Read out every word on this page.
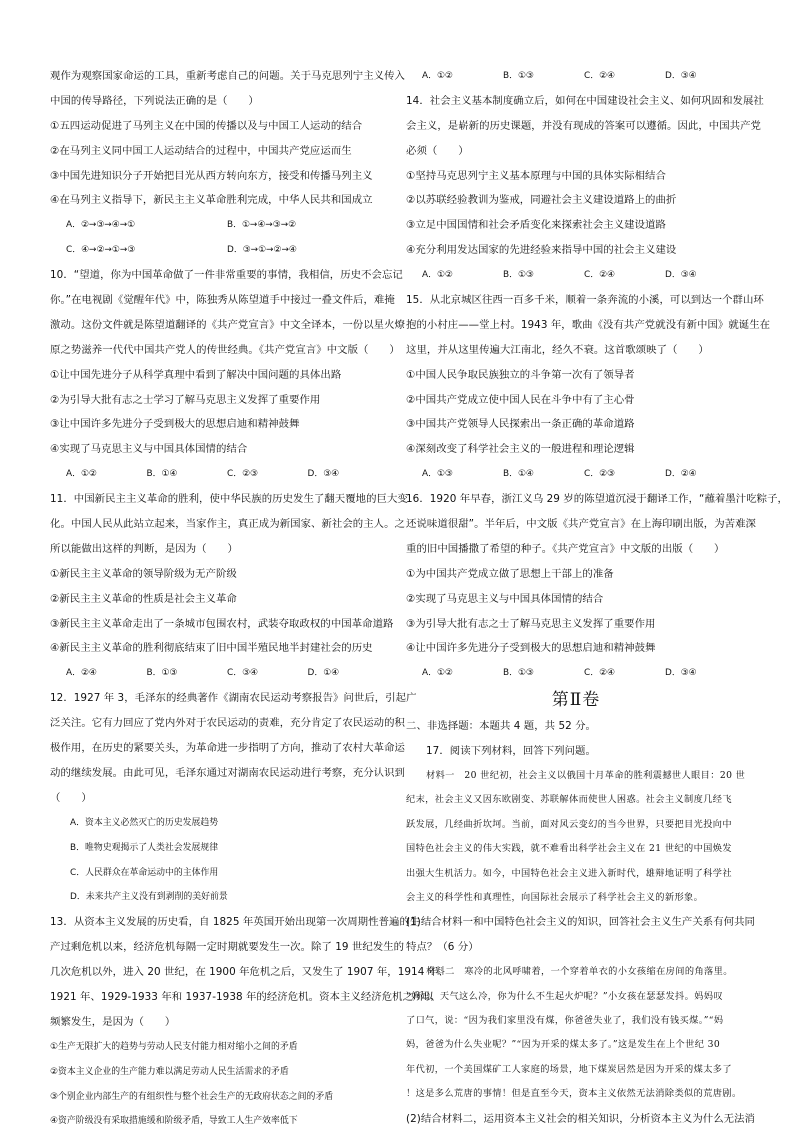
观作为观察国家命运的工具，重新考虑自己的问题。关于马克思列宁主义传入
中国的传导路径，下列说法正确的是（　　）
①五四运动促进了马列主义在中国的传播以及与中国工人运动的结合
②在马列主义同中国工人运动结合的过程中，中国共产党应运而生
③中国先进知识分子开始把目光从西方转向东方，接受和传播马列主义
④在马列主义指导下，新民主主义革命胜利完成，中华人民共和国成立
A．②→③→④→①	B．①→④→③→②
C．④→②→①→③	D．③→①→②→④
10．“望道，你为中国革命做了一件非常重要的事情，我相信，历史不会忘记
你。”在电视剧《觉醒年代》中，陈独秀从陈望道手中接过一叠文件后，难掩
激动。这份文件就是陈望道翻译的《共产党宣言》中文全译本，一份以星火燎
原之势滋养一代代中国共产党人的传世经典。《共产党宣言》中文版（　　）
①让中国先进分子从科学真理中看到了解决中国问题的具体出路
②为引导大批有志之士学习了解马克思主义发挥了重要作用
③让中国许多先进分子受到极大的思想启迪和精神鼓舞
④实现了马克思主义与中国具体国情的结合
A．①②	B．①④	C．②③	D．③④
11．中国新民主主义革命的胜利，使中华民族的历史发生了翻天覆地的巨大变
化。中国人民从此站立起来，当家作主，真正成为新国家、新社会的主人。之
所以能做出这样的判断，是因为（　　）
①新民主主义革命的领导阶级为无产阶级
②新民主主义革命的性质是社会主义革命
③新民主主义革命走出了一条城市包围农村，武装夺取政权的中国革命道路
④新民主主义革命的胜利彻底结束了旧中国半殖民地半封建社会的历史
A．②④	B．①③	C．③④	D．①④
12．1927 年 3，毛泽东的经典著作《湖南农民运动考察报告》问世后，引起广
泛关注。它有力回应了党内外对于农民运动的责难，充分肯定了农民运动的积
极作用，在历史的紧要关头，为革命进一步指明了方向，推动了农村大革命运
动的继续发展。由此可见，毛泽东通过对湖南农民运动进行考察，充分认识到
（　　）
A．资本主义必然灭亡的历史发展趋势
B．唯物史观揭示了人类社会发展规律
C．人民群众在革命运动中的主体作用
D．未来共产主义没有到剥削的美好前景
13．从资本主义发展的历史看，自 1825 年英国开始出现第一次周期性普遍的生
产过剩危机以来，经济危机每隔一定时期就要发生一次。除了 19 世纪发生的
几次危机以外，进入 20 世纪，在 1900 年危机之后，又发生了 1907 年，1914 年、
1921 年、1929-1933 年和 1937-1938 年的经济危机。资本主义经济危机之所以
频繁发生，是因为（　　）
①生产无限扩大的趋势与劳动人民支付能力相对缩小之间的矛盾
②资本主义企业的生产能力难以满足劳动人民生活需求的矛盾
③个别企业内部生产的有组织性与整个社会生产的无政府状态之间的矛盾
④资产阶级没有采取措施缓和阶级矛盾，导致工人生产效率低下
A．①②	B．①③	C．②④	D．③④
14．社会主义基本制度确立后，如何在中国建设社会主义、如何巩固和发展社
会主义，是崭新的历史课题，并没有现成的答案可以遵循。因此，中国共产党
必须（　　）
①坚持马克思列宁主义基本原理与中国的具体实际相结合
②以苏联经验教训为鉴戒，同避社会主义建设道路上的曲折
③立足中国国情和社会矛盾变化来探索社会主义建设道路
④充分利用发达国家的先进经验来指导中国的社会主义建设
A．①②	B．①③	C．②④	D．③④
15．从北京城区往西一百多千米，顺着一条奔流的小溪，可以到达一个群山环
抱的小村庄——堂上村。1943 年，歌曲《没有共产党就没有新中国》就诞生在
这里，并从这里传遍大江南北，经久不衰。这首歌颂映了（　　）
①中国人民争取民族独立的斗争第一次有了领导者
②中国共产党成立使中国人民在斗争中有了主心骨
③中国共产党领导人民探索出一条正确的革命道路
④深刻改变了科学社会主义的一般进程和理论逻辑
A．①③	B．①④	C．②③	D．②④
16．1920 年早春，浙江义乌 29 岁的陈望道沉浸于翻译工作，“蘸着墨汁吃粽子，
还说味道很甜”。半年后，中文版《共产党宣言》在上海印刷出版，为苦难深
重的旧中国播撒了希望的种子。《共产党宣言》中文版的出版（　　）
①为中国共产党成立做了思想上干部上的准备
②实现了马克思主义与中国具体国情的结合
③为引导大批有志之士了解马克思主义发挥了重要作用
④让中国许多先进分子受到极大的思想启迪和精神鼓舞
A．①②	B．①③	C．②④	D．③④
第Ⅱ卷
二、非选择题：本题共 4 题，共 52 分。
17．阅读下列材料，回答下列问题。
材料一　20 世纪初，社会主义以俄国十月革命的胜利震撼世人眼目：20 世
纪末，社会主义又因东欧剧变、苏联解体而使世人困惑。社会主义制度几经飞
跃发展，几经曲折坎坷。当前，面对风云变幻的当今世界，只要把目光投向中
国特色社会主义的伟大实践，就不难看出科学社会主义在 21 世纪的中国焕发
出强大生机活力。如今，中国特色社会主义进入新时代，雄辩地证明了科学社
会主义的科学性和真理性，向国际社会展示了科学社会主义的新形象。
(1)结合材料一和中国特色社会主义的知识，回答社会主义生产关系有何共同
特点？（6 分）
材料二　寒冷的北风呼啸着，一个穿着单衣的小女孩缩在房间的角落里。
“妈妈，天气这么冷，你为什么不生起火炉呢？”小女孩在瑟瑟发抖。妈妈叹
了口气，说：“因为我们家里没有煤，你爸爸失业了，我们没有钱买煤。”“妈
妈，爸爸为什么失业呢？”“因为开采的煤太多了。”这是发生在上个世纪 30
年代初，一个美国煤矿工人家庭的场景，地下煤炭居然是因为开采的煤太多了
！这是多么荒唐的事情！但是直至今天，资本主义依然无法消除类似的荒唐剧。
(2)结合材料二，运用资本主义社会的相关知识，分析资本主义为什么无法消
